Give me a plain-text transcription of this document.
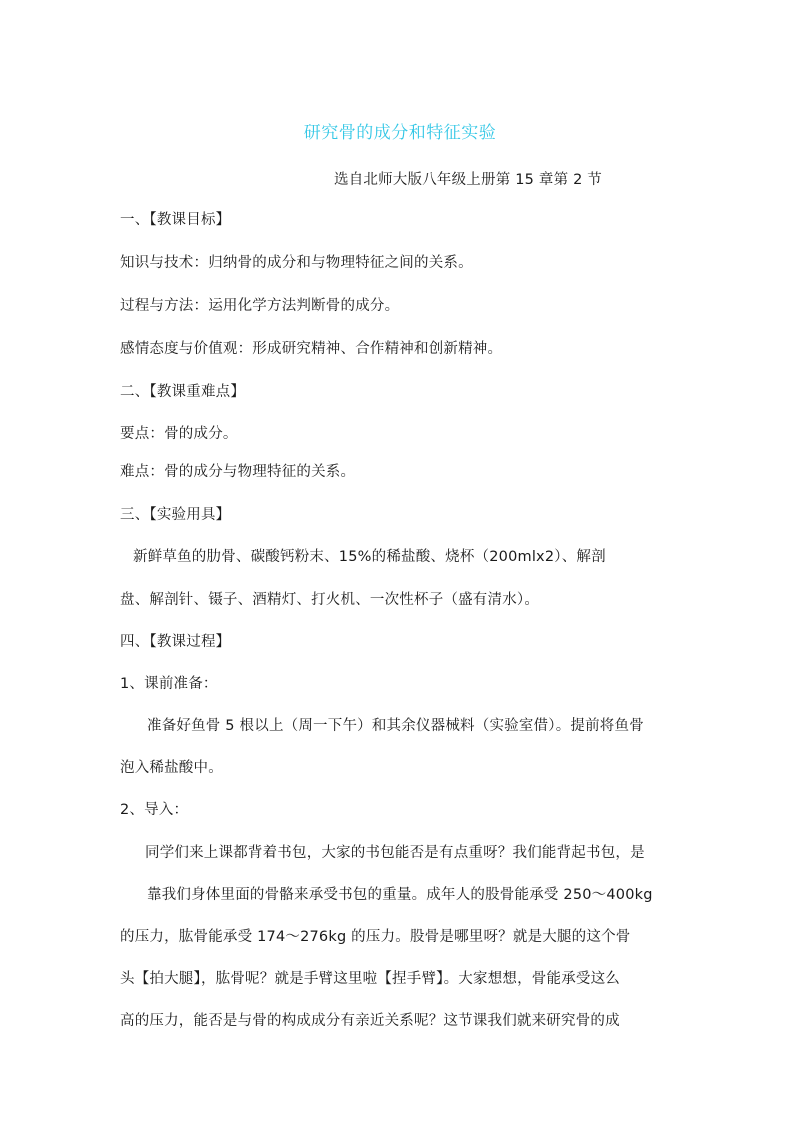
研究骨的成分和特征实验
选自北师大版八年级上册第 15 章第 2 节
一、【教课目标】
知识与技术：归纳骨的成分和与物理特征之间的关系。
过程与方法：运用化学方法判断骨的成分。
感情态度与价值观：形成研究精神、合作精神和创新精神。
二、【教课重难点】
要点：骨的成分。
难点：骨的成分与物理特征的关系。
三、【实验用具】
新鲜草鱼的肋骨、碳酸钙粉末、15%的稀盐酸、烧杯（200mlx2）、解剖
盘、解剖针、镊子、酒精灯、打火机、一次性杯子（盛有清水）。
四、【教课过程】
1、课前准备：
准备好鱼骨 5 根以上（周一下午）和其余仪器械料（实验室借）。提前将鱼骨
泡入稀盐酸中。
2、导入：
同学们来上课都背着书包，大家的书包能否是有点重呀？我们能背起书包，是
靠我们身体里面的骨骼来承受书包的重量。成年人的股骨能承受 250～400kg
的压力，肱骨能承受 174～276kg 的压力。股骨是哪里呀？就是大腿的这个骨
头【拍大腿】，肱骨呢？就是手臂这里啦【捏手臂】。大家想想，骨能承受这么
高的压力，能否是与骨的构成成分有亲近关系呢？这节课我们就来研究骨的成
